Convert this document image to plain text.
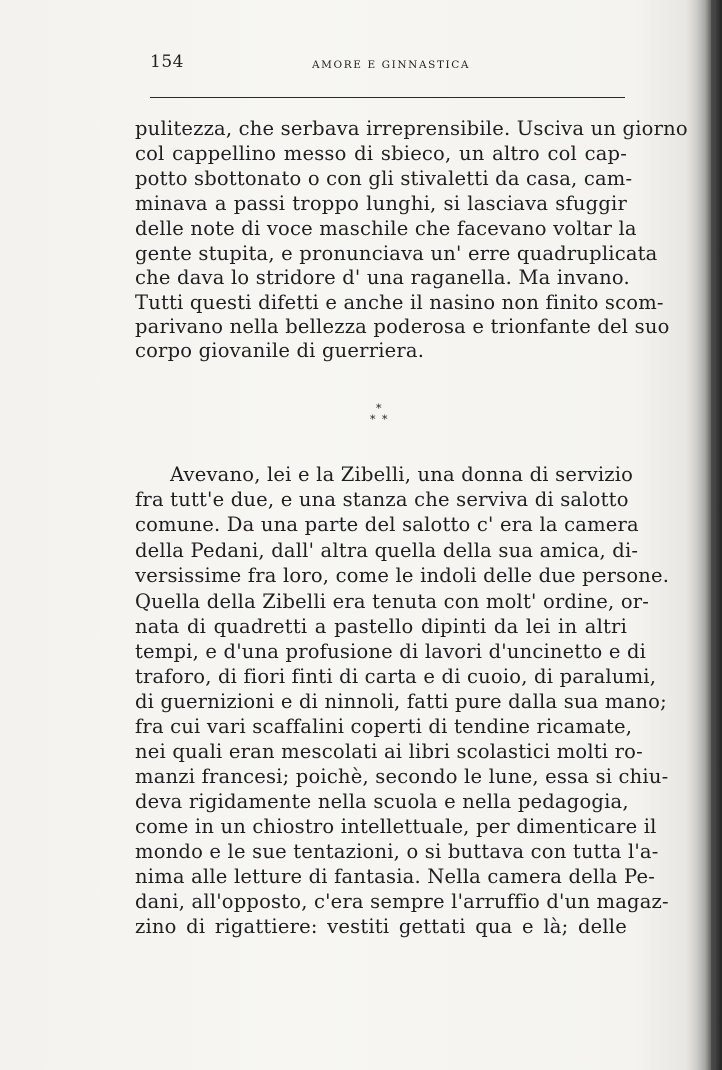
154	AMORE E GINNASTICA
pulitezza, che serbava irreprensibile. Usciva un giorno
col cappellino messo di sbieco, un altro col cap-
potto sbottonato o con gli stivaletti da casa, cam-
minava a passi troppo lunghi, si lasciava sfuggir
delle note di voce maschile che facevano voltar la
gente stupita, e pronunciava un' erre quadruplicata
che dava lo stridore d' una raganella. Ma invano.
Tutti questi difetti e anche il nasino non finito scom-
parivano nella bellezza poderosa e trionfante del suo
corpo giovanile di guerriera.
*
* *
Avevano, lei e la Zibelli, una donna di servizio
fra tutt'e due, e una stanza che serviva di salotto
comune. Da una parte del salotto c' era la camera
della Pedani, dall' altra quella della sua amica, di-
versissime fra loro, come le indoli delle due persone.
Quella della Zibelli era tenuta con molt' ordine, or-
nata di quadretti a pastello dipinti da lei in altri
tempi, e d'una profusione di lavori d'uncinetto e di
traforo, di fiori finti di carta e di cuoio, di paralumi,
di guernizioni e di ninnoli, fatti pure dalla sua mano;
fra cui vari scaffalini coperti di tendine ricamate,
nei quali eran mescolati ai libri scolastici molti ro-
manzi francesi; poichè, secondo le lune, essa si chiu-
deva rigidamente nella scuola e nella pedagogia,
come in un chiostro intellettuale, per dimenticare il
mondo e le sue tentazioni, o si buttava con tutta l'a-
nima alle letture di fantasia. Nella camera della Pe-
dani, all'opposto, c'era sempre l'arruffio d'un magaz-
zino di rigattiere: vestiti gettati qua e là; delle
